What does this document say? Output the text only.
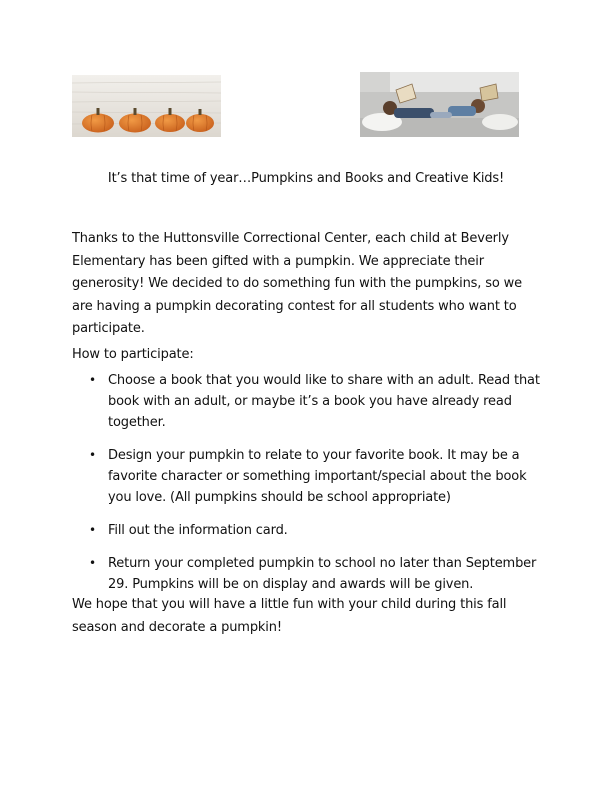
It’s that time of year…Pumpkins and Books and Creative Kids!
Thanks to the Huttonsville Correctional Center, each child at Beverly Elementary has been gifted with a pumpkin. We appreciate their generosity! We decided to do something fun with the pumpkins, so we are having a pumpkin decorating contest for all students who want to participate.
How to participate:
• Choose a book that you would like to share with an adult. Read that book with an adult, or maybe it’s a book you have already read together.
• Design your pumpkin to relate to your favorite book. It may be a favorite character or something important/special about the book you love. (All pumpkins should be school appropriate)
• Fill out the information card.
• Return your completed pumpkin to school no later than September 29. Pumpkins will be on display and awards will be given.
We hope that you will have a little fun with your child during this fall season and decorate a pumpkin!
